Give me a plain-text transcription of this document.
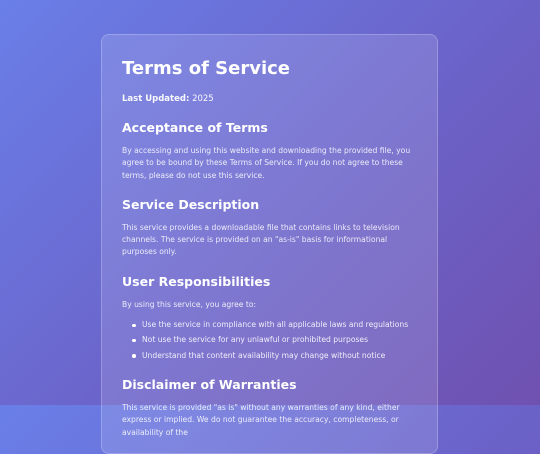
Terms of Service
Last Updated: 2025
Acceptance of Terms

By accessing and using this website and downloading the provided file, you agree to be bound by these Terms of Service. If you do not agree to these terms, please do not use this service.

Service Description

This service provides a downloadable file that contains links to television channels. The service is provided on an "as-is" basis for informational purposes only.

User Responsibilities

By using this service, you agree to:

Use the service in compliance with all applicable laws and regulations
Not use the service for any unlawful or prohibited purposes
Understand that content availability may change without notice
Disclaimer of Warranties

This service is provided "as is" without any warranties of any kind, either express or implied. We do not guarantee the accuracy, completeness, or availability of the
